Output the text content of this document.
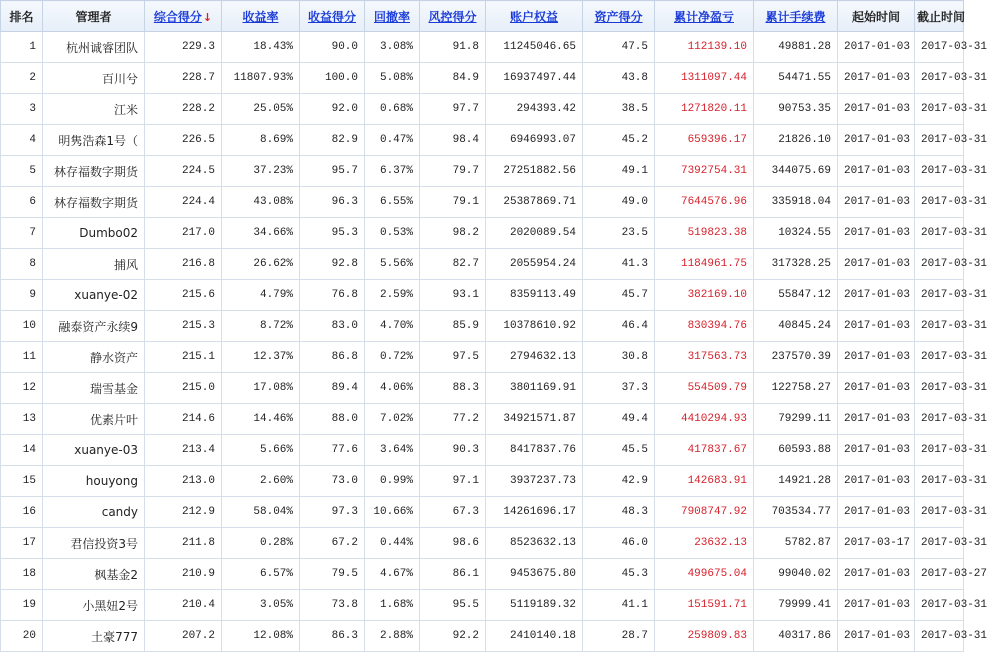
排名	管理者	综合得分↓	收益率	收益得分	回撤率	风控得分	账户权益	资产得分	累计净盈亏	累计手续费	起始时间	截止时间
1	杭州诚睿团队	229.3	18.43%	90.0	3.08%	91.8	11245046.65	47.5	112139.10	49881.28	2017-01-03	2017-03-31
2	百川兮	228.7	11807.93%	100.0	5.08%	84.9	16937497.44	43.8	1311097.44	54471.55	2017-01-03	2017-03-31
3	江米	228.2	25.05%	92.0	0.68%	97.7	294393.42	38.5	1271820.11	90753.35	2017-01-03	2017-03-31
4	明隽浩森1号（	226.5	8.69%	82.9	0.47%	98.4	6946993.07	45.2	659396.17	21826.10	2017-01-03	2017-03-31
5	林存福数字期货	224.5	37.23%	95.7	6.37%	79.7	27251882.56	49.1	7392754.31	344075.69	2017-01-03	2017-03-31
6	林存福数字期货	224.4	43.08%	96.3	6.55%	79.1	25387869.71	49.0	7644576.96	335918.04	2017-01-03	2017-03-31
7	Dumbo02	217.0	34.66%	95.3	0.53%	98.2	2020089.54	23.5	519823.38	10324.55	2017-01-03	2017-03-31
8	捕风	216.8	26.62%	92.8	5.56%	82.7	2055954.24	41.3	1184961.75	317328.25	2017-01-03	2017-03-31
9	xuanye-02	215.6	4.79%	76.8	2.59%	93.1	8359113.49	45.7	382169.10	55847.12	2017-01-03	2017-03-31
10	融泰资产永续9	215.3	8.72%	83.0	4.70%	85.9	10378610.92	46.4	830394.76	40845.24	2017-01-03	2017-03-31
11	静水资产	215.1	12.37%	86.8	0.72%	97.5	2794632.13	30.8	317563.73	237570.39	2017-01-03	2017-03-31
12	瑞雪基金	215.0	17.08%	89.4	4.06%	88.3	3801169.91	37.3	554509.79	122758.27	2017-01-03	2017-03-31
13	优素片叶	214.6	14.46%	88.0	7.02%	77.2	34921571.87	49.4	4410294.93	79299.11	2017-01-03	2017-03-31
14	xuanye-03	213.4	5.66%	77.6	3.64%	90.3	8417837.76	45.5	417837.67	60593.88	2017-01-03	2017-03-31
15	houyong	213.0	2.60%	73.0	0.99%	97.1	3937237.73	42.9	142683.91	14921.28	2017-01-03	2017-03-31
16	candy	212.9	58.04%	97.3	10.66%	67.3	14261696.17	48.3	7908747.92	703534.77	2017-01-03	2017-03-31
17	君信投资3号	211.8	0.28%	67.2	0.44%	98.6	8523632.13	46.0	23632.13	5782.87	2017-03-17	2017-03-31
18	枫基金2	210.9	6.57%	79.5	4.67%	86.1	9453675.80	45.3	499675.04	99040.02	2017-01-03	2017-03-27
19	小黑妞2号	210.4	3.05%	73.8	1.68%	95.5	5119189.32	41.1	151591.71	79999.41	2017-01-03	2017-03-31
20	土豪777	207.2	12.08%	86.3	2.88%	92.2	2410140.18	28.7	259809.83	40317.86	2017-01-03	2017-03-31
